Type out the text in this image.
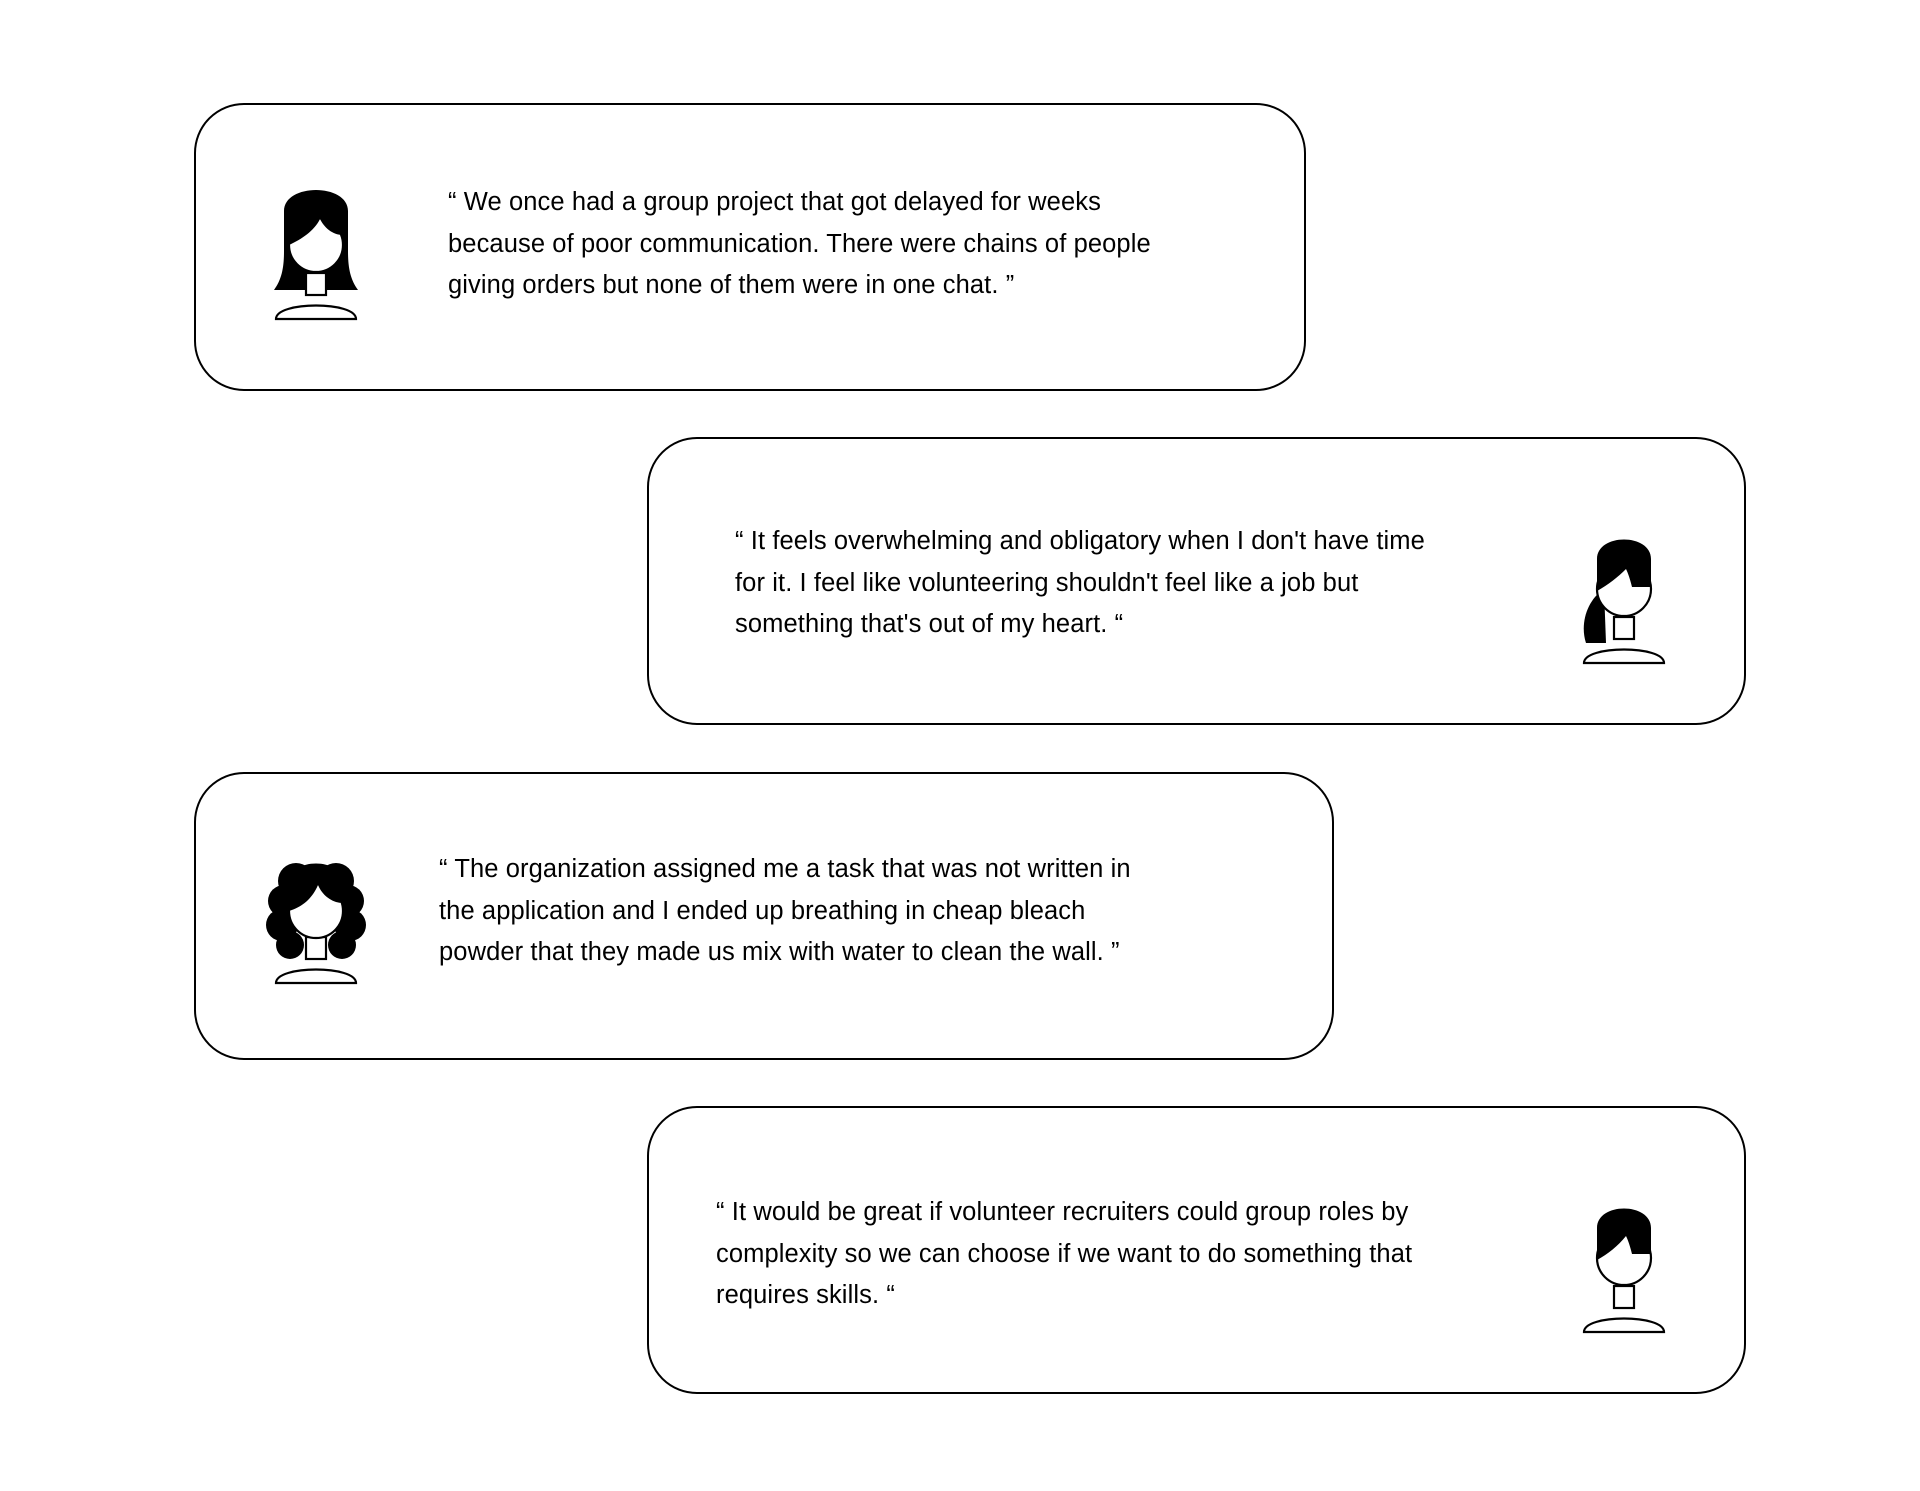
“ We once had a group project that got delayed for weeks
because of poor communication. There were chains of people
giving orders but none of them were in one chat. ”

“ It feels overwhelming and obligatory when I don't have time
for it. I feel like volunteering shouldn't feel like a job but
something that's out of my heart. “

“ The organization assigned me a task that was not written in
the application and I ended up breathing in cheap bleach
powder that they made us mix with water to clean the wall. ”

“ It would be great if volunteer recruiters could group roles by
complexity so we can choose if we want to do something that
requires skills. “
